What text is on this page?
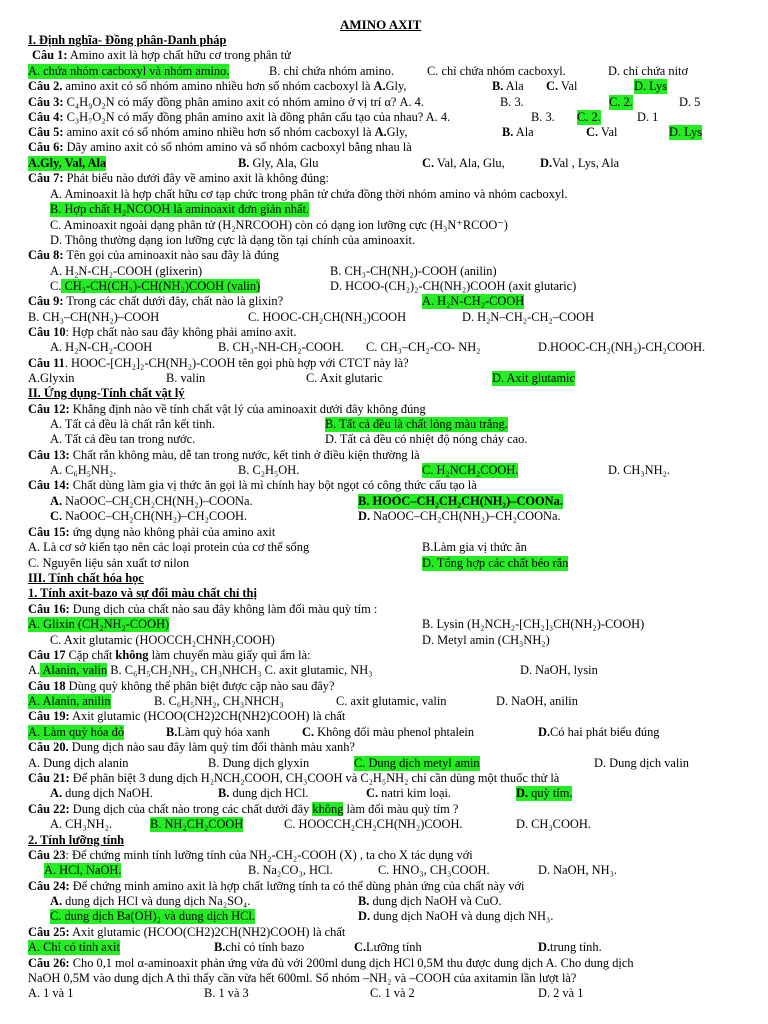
AMINO AXIT
I. Định nghĩa- Đồng phân-Danh pháp
Câu 1: Amino axit là hợp chất hữu cơ trong phân tử
A. chứa nhóm cacboxyl và nhóm amino.	B. chỉ chứa nhóm amino.	C. chỉ chứa nhóm cacboxyl.	D. chỉ chứa nitơ
Câu 2. amino axit có số nhóm amino nhiều hơn số nhóm cacboxyl là A.Gly,	B. Ala C. Val	D. Lys
Câu 3: C₄H₉O₂N có mấy đồng phân amino axit có nhóm amino ở vị trí α? A. 4.	B. 3.	C. 2.	D. 5
Câu 4: C₃H₇O₂N có mấy đồng phân amino axit là đồng phân cấu tạo của nhau? A. 4.	B. 3. C. 2.	D. 1
Câu 5: amino axit có số nhóm amino nhiều hơn số nhóm cacboxyl là A.Gly,	B. Ala	C. Val	D. Lys
Câu 6: Dãy amino axit có số nhóm amino và số nhóm cacboxyl bằng nhau là
A.Gly, Val, Ala	B. Gly, Ala, Glu	C. Val, Ala, Glu,	D.Val , Lys, Ala
Câu 7: Phát biểu nào dưới đây về amino axit là không đúng:
A. Aminoaxit là hợp chất hữu cơ tạp chức trong phân tử chứa đồng thời nhóm amino và nhóm cacboxyl.
B. Hợp chất H₂NCOOH là aminoaxit đơn giản nhất.
C. Aminoaxit ngoài dạng phân tử (H₂NRCOOH) còn có dạng ion lưỡng cực (H₃N⁺RCOO⁻)
D. Thông thường dạng ion lưỡng cực là dạng tồn tại chính của aminoaxit.
Câu 8: Tên gọi của aminoaxit nào sau đây là đúng
A. H₂N-CH₂-COOH (glixerin)	B. CH₃-CH(NH₂)-COOH (anilin)
C. CH₃-CH(CH₃)-CH(NH₂)COOH (valin)	D. HCOO-(CH₂)₂-CH(NH₂)COOH (axit glutaric)
Câu 9: Trong các chất dưới đây, chất nào là glixin?	A. H₂N-CH₂-COOH
B. CH₃–CH(NH₂)–COOH	C. HOOC-CH₂CH(NH₂)COOH	D. H₂N–CH₂-CH₂–COOH
Câu 10: Hợp chất nào sau đây không phải amino axit.
A. H₂N-CH₂-COOH	B. CH₃-NH-CH₂-COOH. C. CH₃–CH₂-CO- NH₂	D.HOOC-CH₂(NH₂)-CH₂COOH.
Câu 11. HOOC-[CH₂]₂-CH(NH₂)-COOH tên gọi phù hợp với CTCT này là?
A.Glyxin	B. valin	C. Axit glutaric	D. Axit glutamic
II. Ứng dụng-Tính chất vật lý
Câu 12: Khẳng định nào về tính chất vật lý của aminoaxit dưới đây không đúng
A. Tất cả đều là chất rắn kết tinh.	B. Tất cả đều là chất lỏng màu trắng.
A. Tất cả đều tan trong nước.	D. Tất cả đều có nhiệt độ nóng chảy cao.
Câu 13: Chất rắn không màu, dễ tan trong nước, kết tinh ở điều kiện thường là
A. C₆H₅NH₂.	B. C₂H₅OH.	C. H₂NCH₂COOH.	D. CH₃NH₂.
Câu 14: Chất dùng làm gia vị thức ăn gọi là mì chính hay bột ngọt có công thức cấu tạo là
A. NaOOC–CH₂CH₂CH(NH₂)–COONa.	B. HOOC–CH₂CH₂CH(NH₂)–COONa.
C. NaOOC–CH₂CH(NH₂)–CH₂COOH.	D. NaOOC–CH₂CH(NH₂)–CH₂COONa.
Câu 15: ứng dụng nào không phải của amino axit
A. Là cơ sở kiến tạo nên các loại protein của cơ thể sống	B.Làm gia vị thức ăn
C. Nguyên liệu sản xuất tơ nilon	D. Tổng hợp các chất béo rắn
III. Tính chất hóa học
1. Tính axit-bazo và sự đổi màu chất chỉ thị
Câu 16: Dung dịch của chất nào sau đây không làm đổi màu quỳ tím :
A. Glixin (CH₂NH₂-COOH)	B. Lysin (H₂NCH₂-[CH₂]₃CH(NH₂)-COOH)
C. Axit glutamic (HOOCCH₂CHNH₂COOH)	D. Metyl amin (CH₃NH₂)
Câu 17 Cặp chất không làm chuyển màu giấy quì ẩm là:
A. Alanin, valin B. C₆H₅CH₂NH₂, CH₃NHCH₃ C. axit glutamic, NH₃	D. NaOH, lysin
Câu 18 Dùng quỳ không thể phân biệt được cặp nào sau đây?
A. Alanin, anilin	B. C₆H₅NH₂, CH₃NHCH₃	C. axit glutamic, valin	D. NaOH, anilin
Câu 19: Axit glutamic (HCOO(CH2)2CH(NH2)COOH) là chất
A. Làm quỳ hóa đỏ	B.Làm quỳ hóa xanh	C. Không đổi màu phenol phtalein	D.Có hai phát biểu đúng
Câu 20. Dung dịch nào sau đây làm quỳ tím đổi thành màu xanh?
A. Dung dịch alanin	B. Dung dịch glyxin	C. Dung dịch metyl amin	D. Dung dịch valin
Câu 21: Để phân biệt 3 dung dịch H₂NCH₂COOH, CH₃COOH và C₂H₅NH₂ chỉ cần dùng một thuốc thử là
A. dung dịch NaOH.	B. dung dịch HCl.	C. natri kim loại.	D. quỳ tím.
Câu 22: Dung dịch của chất nào trong các chất dưới đây không làm đổi màu quỳ tím ?
A. CH₃NH₂.	B. NH₂CH₂COOH	C. HOOCCH₂CH₂CH(NH₂)COOH.	D. CH₃COOH.
2. Tính lưỡng tính
Câu 23: Để chứng minh tính lưỡng tính của NH₂-CH₂-COOH (X) , ta cho X tác dụng với
A. HCl, NaOH.	B. Na₂CO₃, HCl.	C. HNO₃, CH₃COOH.	D. NaOH, NH₃.
Câu 24: Để chứng minh amino axit là hợp chất lưỡng tính ta có thể dùng phản ứng của chất này với
A. dung dịch HCl và dung dịch Na₂SO₄.	B. dung dịch NaOH và CuO.
C. dung dịch Ba(OH)₂ và dung dịch HCl.	D. dung dịch NaOH và dung dịch NH₃.
Câu 25: Axit glutamic (HCOO(CH2)2CH(NH2)COOH) là chất
A. Chỉ có tính axit	B.chỉ có tính bazo	C.Lưỡng tính	D.trung tính.
Câu 26: Cho 0,1 mol α-aminoaxit phản ứng vừa đủ với 200ml dung dịch HCl 0,5M thu được dung dịch A. Cho dung dịch
NaOH 0,5M vào dung dịch A thì thấy cần vừa hết 600ml. Số nhóm –NH₂ và –COOH của axitamin lần lượt là?
A. 1 và 1	B. 1 và 3	C. 1 và 2	D. 2 và 1
